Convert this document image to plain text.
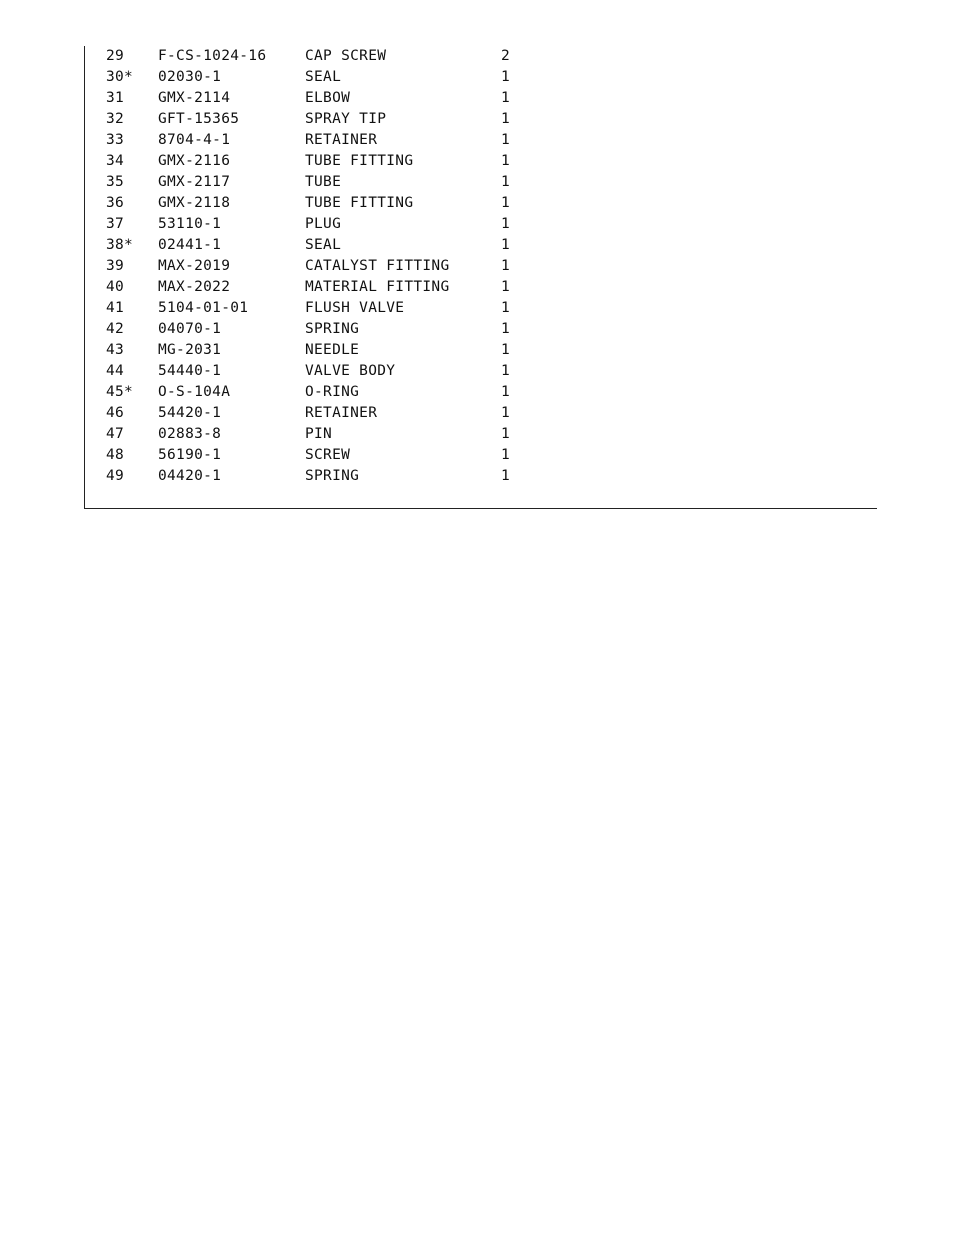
29 F-CS-1024-16	CAP SCREW	2
30* 02030-1	SEAL	1
31 GMX-2114	ELBOW	1
32 GFT-15365	SPRAY TIP	1
33 8704-4-1	RETAINER	1
34 GMX-2116	TUBE FITTING	1
35 GMX-2117	TUBE	1
36 GMX-2118	TUBE FITTING	1
37 53110-1	PLUG	1
38* 02441-1	SEAL	1
39 MAX-2019	CATALYST FITTING	1
40 MAX-2022	MATERIAL FITTING	1
41 5104-01-01	FLUSH VALVE	1
42 04070-1	SPRING	1
43 MG-2031	NEEDLE	1
44 54440-1	VALVE BODY	1
45* O-S-104A	O-RING	1
46 54420-1	RETAINER	1
47 02883-8	PIN	1
48 56190-1	SCREW	1
49 04420-1	SPRING	1
